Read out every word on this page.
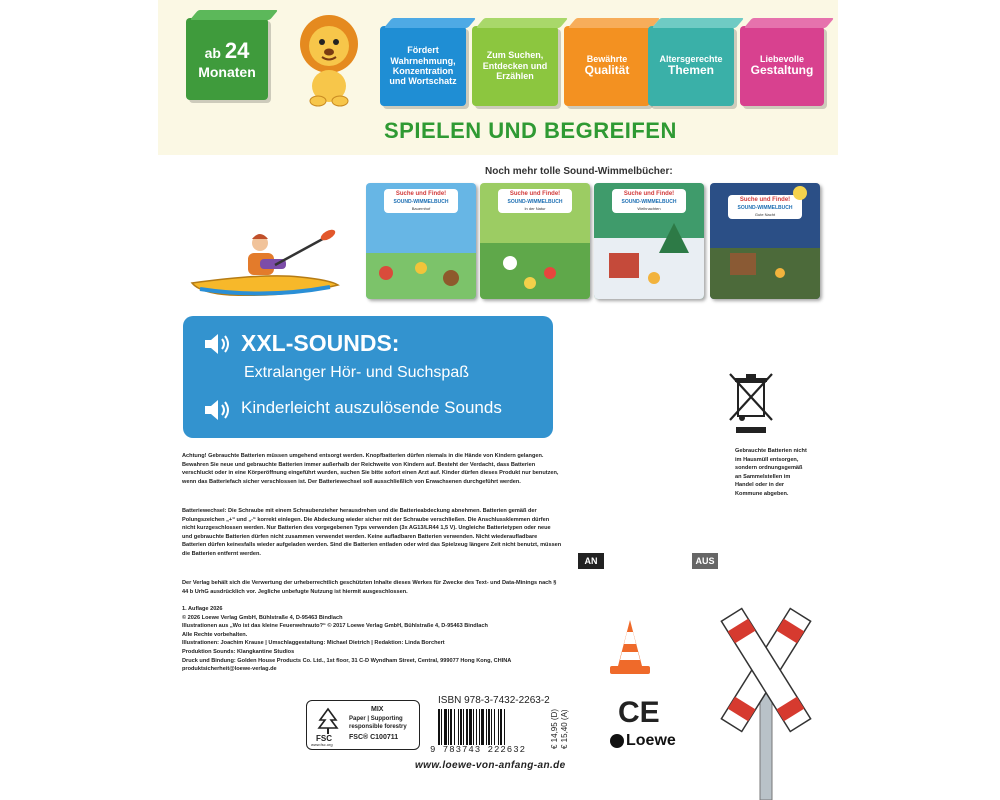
ab 24
Monaten
Fördert
Wahrnehmung,
Konzentration
und Wortschatz
Zum Suchen,
Entdecken und
Erzählen
Bewährte
Qualität
Altersgerechte
Themen
Liebevolle
Gestaltung
SPIELEN UND BEGREIFEN
Noch mehr tolle Sound-Wimmelbücher:
Suche und Finde!
SOUND-WIMMELBUCH
Bauernhof
Suche und Finde!
SOUND-WIMMELBUCH
In der Natur
Suche und Finde!
SOUND-WIMMELBUCH
Weihnachten
Suche und Finde!
SOUND-WIMMELBUCH
Gute Nacht
XXL-SOUNDS:
Extralanger Hör- und Suchspaß
Kinderleicht auszulösende Sounds
Achtung! Gebrauchte Batterien müssen umgehend entsorgt werden. Knopfbatterien dürfen niemals in die Hände von Kindern gelangen. Bewahren Sie neue und gebrauchte Batterien immer außerhalb der Reichweite von Kindern auf. Besteht der Verdacht, dass Batterien verschluckt oder in eine Körperöffnung eingeführt wurden, suchen Sie bitte sofort einen Arzt auf. Kinder dürfen dieses Produkt nur benutzen, wenn das Batteriefach sicher verschlossen ist. Der Batteriewechsel soll ausschließlich von Erwachsenen durchgeführt werden.
Batteriewechsel: Die Schraube mit einem Schraubenzieher herausdrehen und die Batterieabdeckung abnehmen. Batterien gemäß der Polungszeichen „+“ und „-“ korrekt einlegen. Die Abdeckung wieder sicher mit der Schraube verschließen. Die Anschlussklemmen dürfen nicht kurzgeschlossen werden. Nur Batterien des vorgegebenen Typs verwenden (3x AG13/LR44 1,5 V). Ungleiche Batterietypen oder neue und gebrauchte Batterien dürfen nicht zusammen verwendet werden. Keine aufladbaren Batterien verwenden. Nicht wiederaufladbare Batterien dürfen keinesfalls wieder aufgeladen werden. Sind die Batterien entladen oder wird das Spielzeug längere Zeit nicht benutzt, müssen die Batterien entfernt werden.
Der Verlag behält sich die Verwertung der urheberrechtlich geschützten Inhalte dieses Werkes für Zwecke des Text- und Data-Minings nach § 44 b UrhG ausdrücklich vor. Jegliche unbefugte Nutzung ist hiermit ausgeschlossen.
1. Auflage 2026
© 2026 Loewe Verlag GmbH, Bühlstraße 4, D-95463 Bindlach
Illustrationen aus „Wo ist das kleine Feuerwehrauto?“ © 2017 Loewe Verlag GmbH, Bühlstraße 4, D-95463 Bindlach
Alle Rechte vorbehalten.
Illustrationen: Joachim Krause | Umschlaggestaltung: Michael Dietrich | Redaktion: Linda Borchert
Produktion Sounds: Klangkantine Studios
Druck und Bindung: Golden House Products Co. Ltd., 1st floor, 31 C-D Wyndham Street, Central, 999077 Hong Kong, CHINA
produktsicherheit@loewe-verlag.de
Gebrauchte Batterien nicht im Hausmüll entsorgen, sondern ordnungsgemäß an Sammelstellen im Handel oder in der Kommune abgeben.
AN	AUS
FSC
www.fsc.org
MIX
Paper | Supporting
responsible forestry
FSC® C100711
ISBN 978-3-7432-2263-2
9 783743 222632
€ 14,95 (D) € 15,40 (A) CE
Loewe
www.loewe-von-anfang-an.de
